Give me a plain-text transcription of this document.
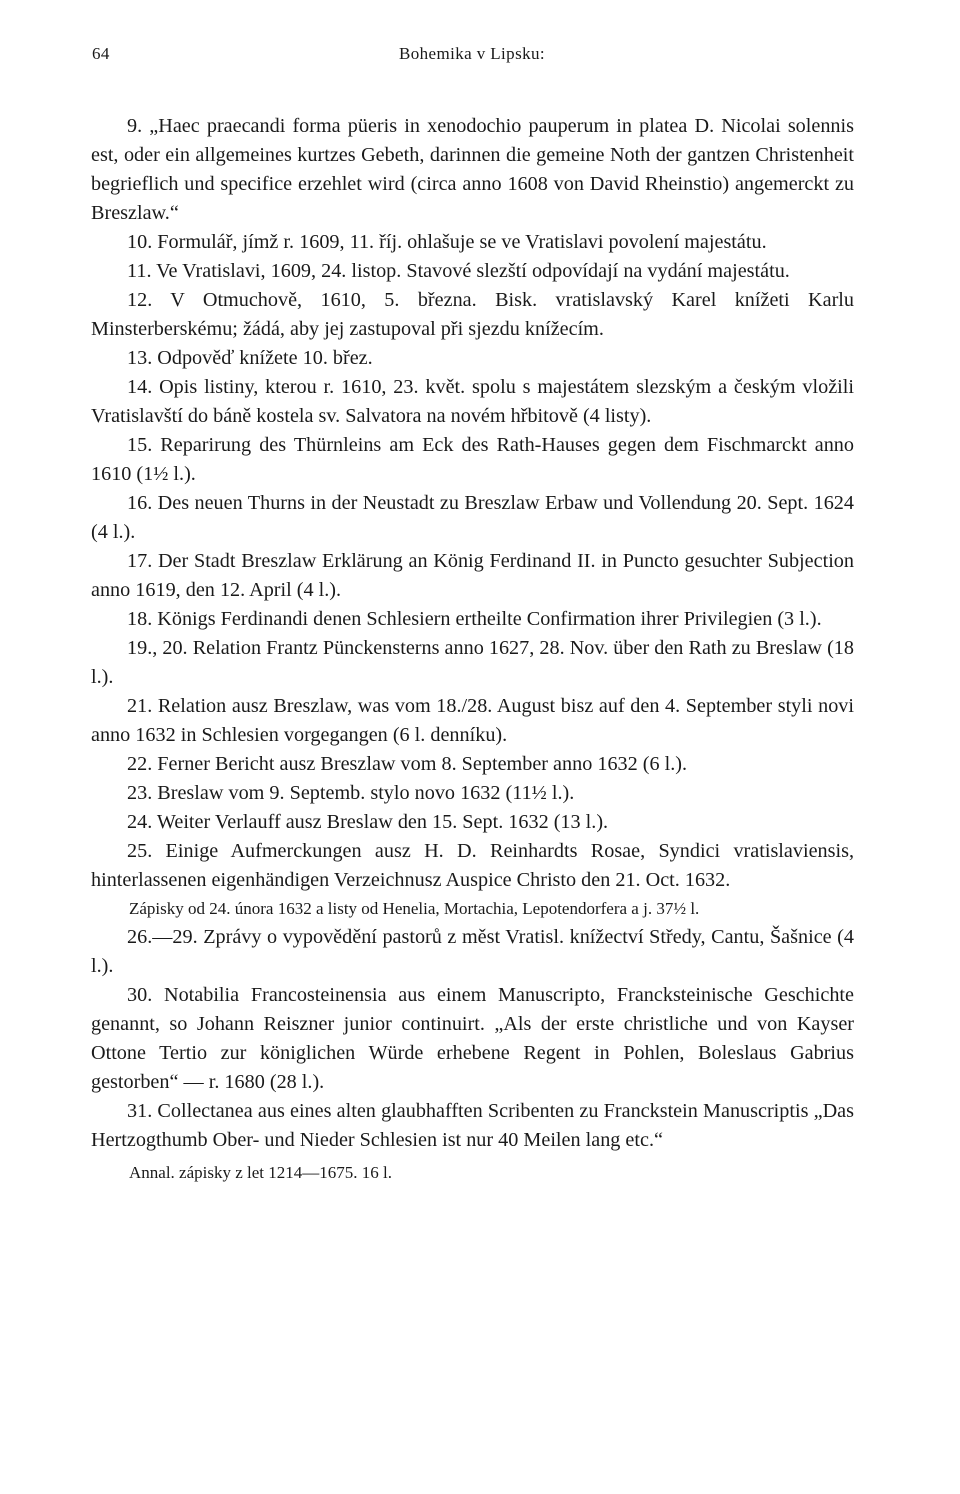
64	Bohemika v Lipsku:

9. „Haec praecandi forma püeris in xenodochio pauperum in platea D. Nicolai solennis est, oder ein allgemeines kurtzes Gebeth, darinnen die gemeine Noth der gantzen Christenheit begrieflich und specifice erzehlet wird (circa anno 1608 von David Rheinstio) angemerckt zu Breszlaw.“

10. Formulář, jímž r. 1609, 11. říj. ohlašuje se ve Vratislavi povolení majestátu.

11. Ve Vratislavi, 1609, 24. listop. Stavové slezští odpovídají na vydání majestátu.

12. V Otmuchově, 1610, 5. března. Bisk. vratislavský Karel knížeti Karlu Minsterberskému; žádá, aby jej zastupoval při sjezdu knížecím.

13. Odpověď knížete 10. břez.

14. Opis listiny, kterou r. 1610, 23. květ. spolu s majestátem slezským a českým vložili Vratislavští do báně kostela sv. Salvatora na novém hřbitově (4 listy).

15. Reparirung des Thürnleins am Eck des Rath-Hauses gegen dem Fischmarckt anno 1610 (1½ l.).

16. Des neuen Thurns in der Neustadt zu Breszlaw Erbaw und Vollendung 20. Sept. 1624 (4 l.).

17. Der Stadt Breszlaw Erklärung an König Ferdinand II. in Puncto gesuchter Subjection anno 1619, den 12. April (4 l.).

18. Königs Ferdinandi denen Schlesiern ertheilte Confirmation ihrer Privilegien (3 l.).

19., 20. Relation Frantz Pünckensterns anno 1627, 28. Nov. über den Rath zu Breslaw (18 l.).

21. Relation ausz Breszlaw, was vom 18./28. August bisz auf den 4. September styli novi anno 1632 in Schlesien vorgegangen (6 l. denníku).

22. Ferner Bericht ausz Breszlaw vom 8. September anno 1632 (6 l.).

23. Breslaw vom 9. Septemb. stylo novo 1632 (11½ l.).

24. Weiter Verlauff ausz Breslaw den 15. Sept. 1632 (13 l.).

25. Einige Aufmerckungen ausz H. D. Reinhardts Rosae, Syndici vratislaviensis, hinterlassenen eigenhändigen Verzeichnusz Auspice Christo den 21. Oct. 1632.

Zápisky od 24. února 1632 a listy od Henelia, Mortachia, Lepotendorfera a j. 37½ l.

26.—29. Zprávy o vypovědění pastorů z měst Vratisl. knížectví Středy, Cantu, Šašnice (4 l.).

30. Notabilia Francosteinensia aus einem Manuscripto, Francksteinische Geschichte genannt, so Johann Reiszner junior continuirt. „Als der erste christliche und von Kayser Ottone Tertio zur königlichen Würde erhebene Regent in Pohlen, Boleslaus Gabrius gestorben“ — r. 1680 (28 l.).

31. Collectanea aus eines alten glaubhafften Scribenten zu Franckstein Manuscriptis „Das Hertzogthumb Ober- und Nieder Schlesien ist nur 40 Meilen lang etc.“

Annal. zápisky z let 1214—1675. 16 l.
